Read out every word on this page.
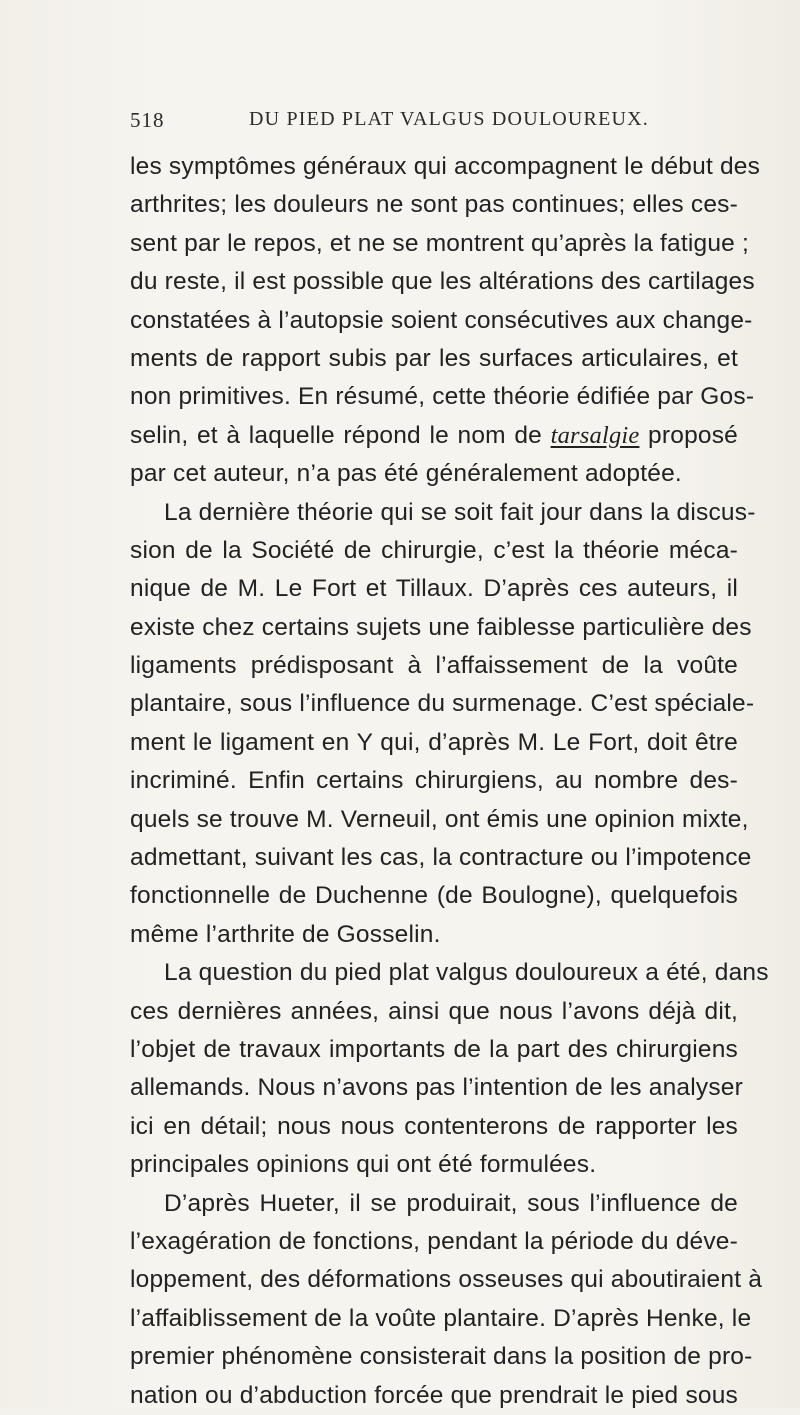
518	DU PIED PLAT VALGUS DOULOUREUX.
les symptômes généraux qui accompagnent le début des
arthrites; les douleurs ne sont pas continues; elles ces-
sent par le repos, et ne se montrent qu’après la fatigue ;
du reste, il est possible que les altérations des cartilages
constatées à l’autopsie soient consécutives aux change-
ments de rapport subis par les surfaces articulaires, et
non primitives. En résumé, cette théorie édifiée par Gos-
selin, et à laquelle répond le nom de tarsalgie proposé
par cet auteur, n’a pas été généralement adoptée.
La dernière théorie qui se soit fait jour dans la discus-
sion de la Société de chirurgie, c’est la théorie méca-
nique de M. Le Fort et Tillaux. D’après ces auteurs, il
existe chez certains sujets une faiblesse particulière des
ligaments prédisposant à l’affaissement de la voûte
plantaire, sous l’influence du surmenage. C’est spéciale-
ment le ligament en Y qui, d’après M. Le Fort, doit être
incriminé. Enfin certains chirurgiens, au nombre des-
quels se trouve M. Verneuil, ont émis une opinion mixte,
admettant, suivant les cas, la contracture ou l’impotence
fonctionnelle de Duchenne (de Boulogne), quelquefois
même l’arthrite de Gosselin.
La question du pied plat valgus douloureux a été, dans
ces dernières années, ainsi que nous l’avons déjà dit,
l’objet de travaux importants de la part des chirurgiens
allemands. Nous n’avons pas l’intention de les analyser
ici en détail; nous nous contenterons de rapporter les
principales opinions qui ont été formulées.
D’après Hueter, il se produirait, sous l’influence de
l’exagération de fonctions, pendant la période du déve-
loppement, des déformations osseuses qui aboutiraient à
l’affaiblissement de la voûte plantaire. D’après Henke, le
premier phénomène consisterait dans la position de pro-
nation ou d’abduction forcée que prendrait le pied sous
